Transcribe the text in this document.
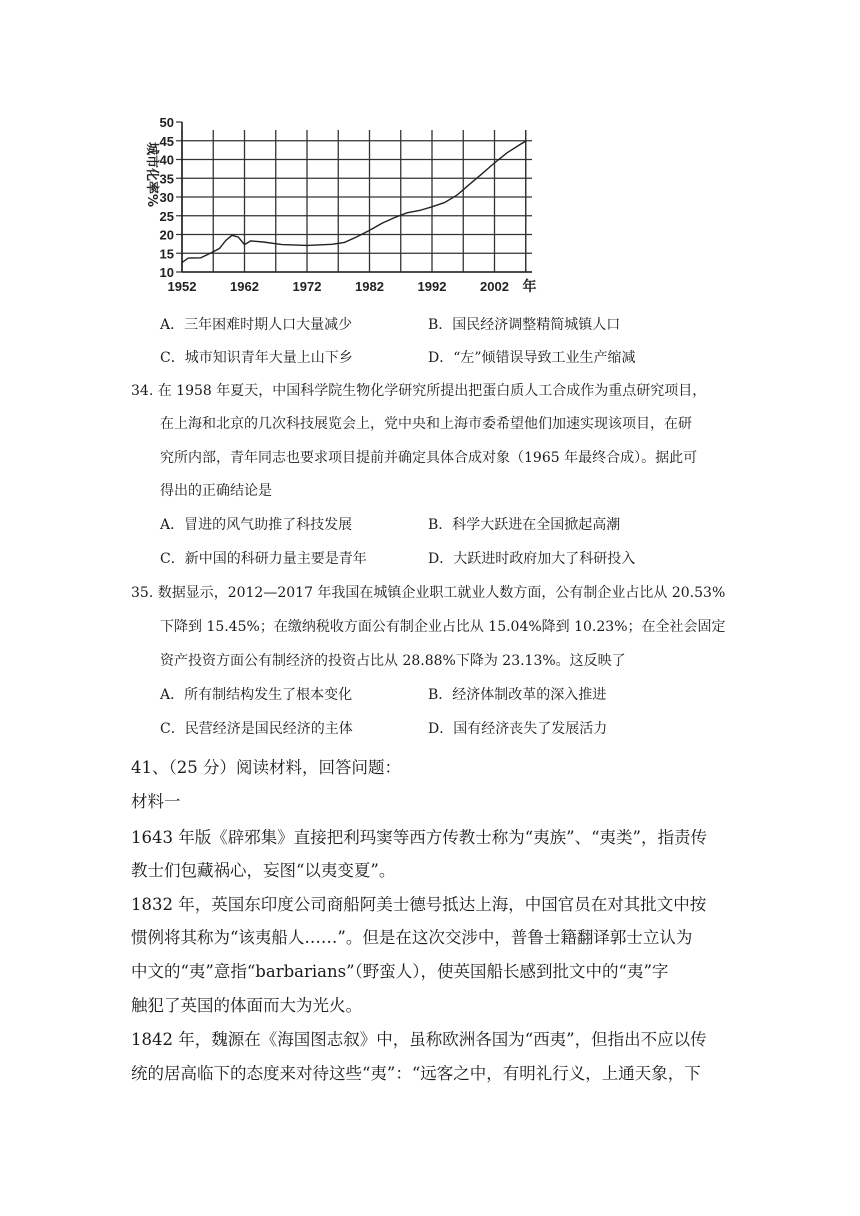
10
15
20
25
30
35
40
45
50
1952	1962	1972	1982	1992	2002 年
城市化率%
A．三年困难时期人口大量减少	B．国民经济调整精简城镇人口
C．城市知识青年大量上山下乡	D．“左”倾错误导致工业生产缩减
34. 在 1958 年夏天，中国科学院生物化学研究所提出把蛋白质人工合成作为重点研究项目，
在上海和北京的几次科技展览会上，党中央和上海市委希望他们加速实现该项目，在研
究所内部，青年同志也要求项目提前并确定具体合成对象（1965 年最终合成）。据此可
得出的正确结论是
A．冒进的风气助推了科技发展	B．科学大跃进在全国掀起高潮
C．新中国的科研力量主要是青年	D．大跃进时政府加大了科研投入
35. 数据显示，2012—2017 年我国在城镇企业职工就业人数方面，公有制企业占比从 20.53%
下降到 15.45%；在缴纳税收方面公有制企业占比从 15.04%降到 10.23%；在全社会固定
资产投资方面公有制经济的投资占比从 28.88%下降为 23.13%。这反映了
A．所有制结构发生了根本变化	B．经济体制改革的深入推进
C．民营经济是国民经济的主体	D．国有经济丧失了发展活力
41、（25 分）阅读材料，回答问题：
材料一
1643 年版《辟邪集》直接把利玛窦等西方传教士称为“夷族”、“夷类”，指责传
教士们包藏祸心，妄图“以夷变夏”。
1832 年，英国东印度公司商船阿美士德号抵达上海，中国官员在对其批文中按
惯例将其称为“该夷船人……”。但是在这次交涉中，普鲁士籍翻译郭士立认为
中文的“夷”意指“barbarians”（野蛮人），使英国船长感到批文中的“夷”字
触犯了英国的体面而大为光火。
1842 年，魏源在《海国图志叙》中，虽称欧洲各国为“西夷”，但指出不应以传
统的居高临下的态度来对待这些“夷”：“远客之中，有明礼行义，上通天象，下
